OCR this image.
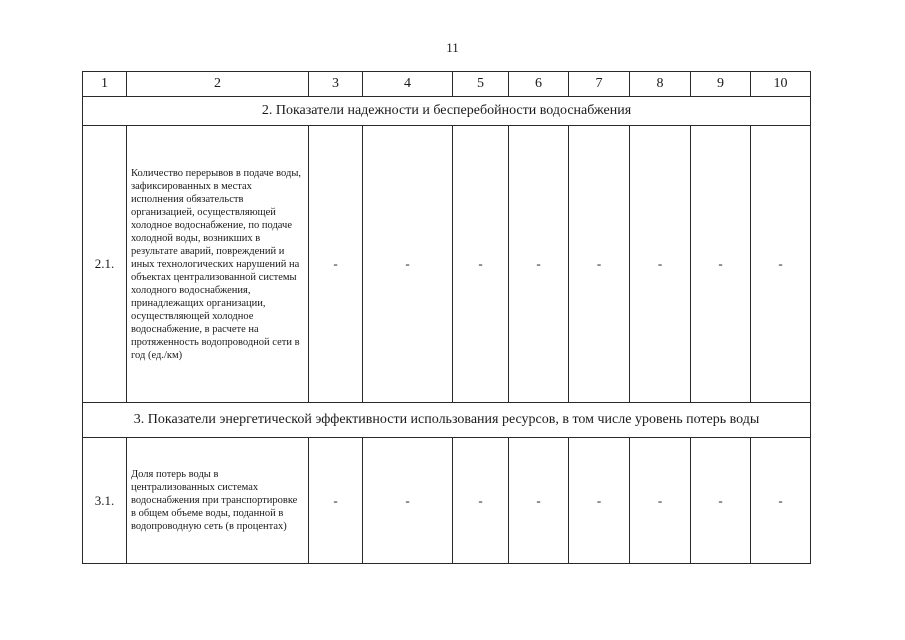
11
1	2	3	4	5	6	7	8	9	10
2. Показатели надежности и бесперебойности водоснабжения									
2.1.	Количество перерывов в подаче воды, зафиксированных в местах исполнения обязательств организацией, осуществляющей холодное водоснабжение, по подаче холодной воды, возникших в результате аварий, повреждений и иных технологических нарушений на объектах централизованной системы холодного водоснабжения, принадлежащих организации, осуществляющей холодное водоснабжение, в расчете на протяженность водопроводной сети в год (ед./км)	-	-	-	-	-	-	-	-
3. Показатели энергетической эффективности использования ресурсов, в том числе уровень потерь воды									
3.1.	Доля потерь воды в централизованных системах водоснабжения при транспортировке в общем объеме воды, поданной в водопроводную сеть (в процентах)	-	-	-	-	-	-	-	-
